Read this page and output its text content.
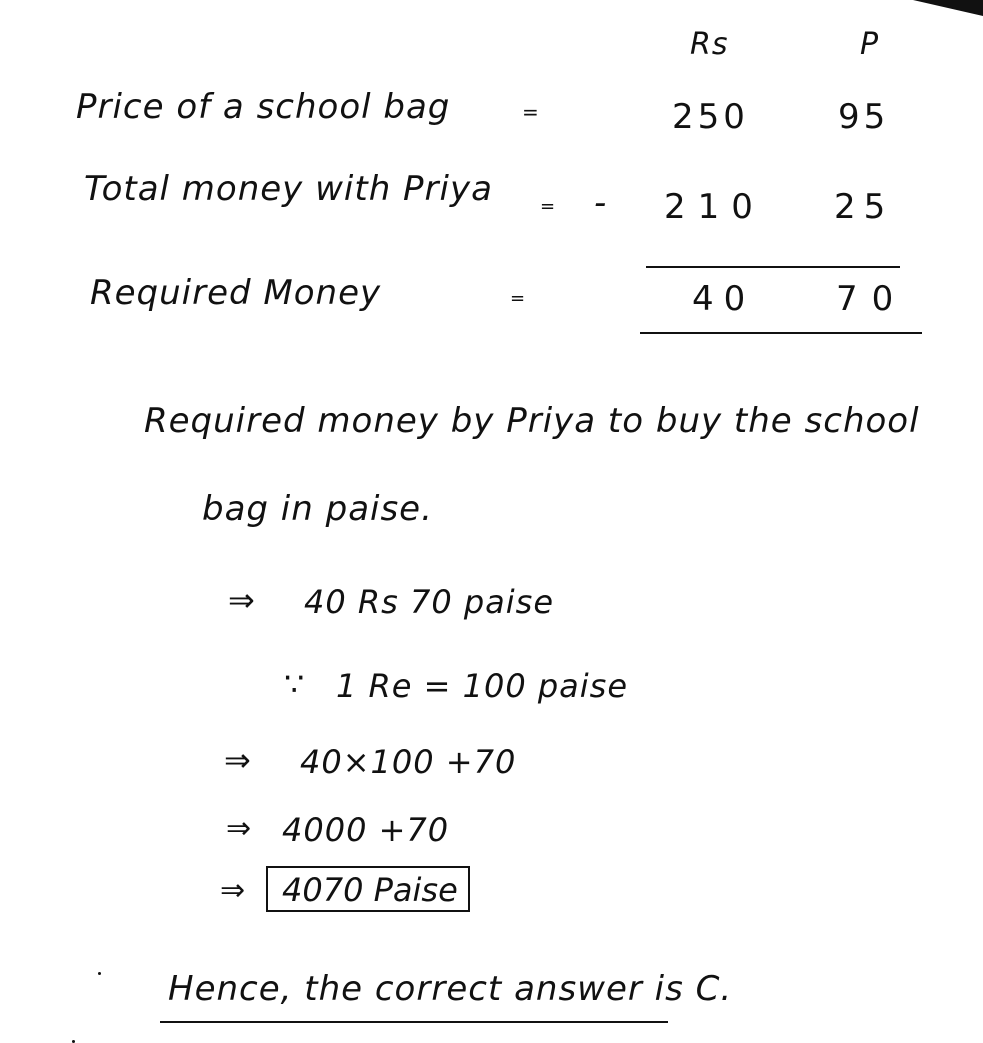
Rs	P
Price of a school bag	=	250	95
Total money with Priya	= - 210 25
Required Money	=	40 70
Required money by Priya to buy the school
bag in paise.
⇒ 40 Rs 70 paise
∵ 1 Re = 100 paise
⇒ 40×100 +70
⇒ 4000 +70
⇒	4070 Paise
Hence, the correct answer is C.
